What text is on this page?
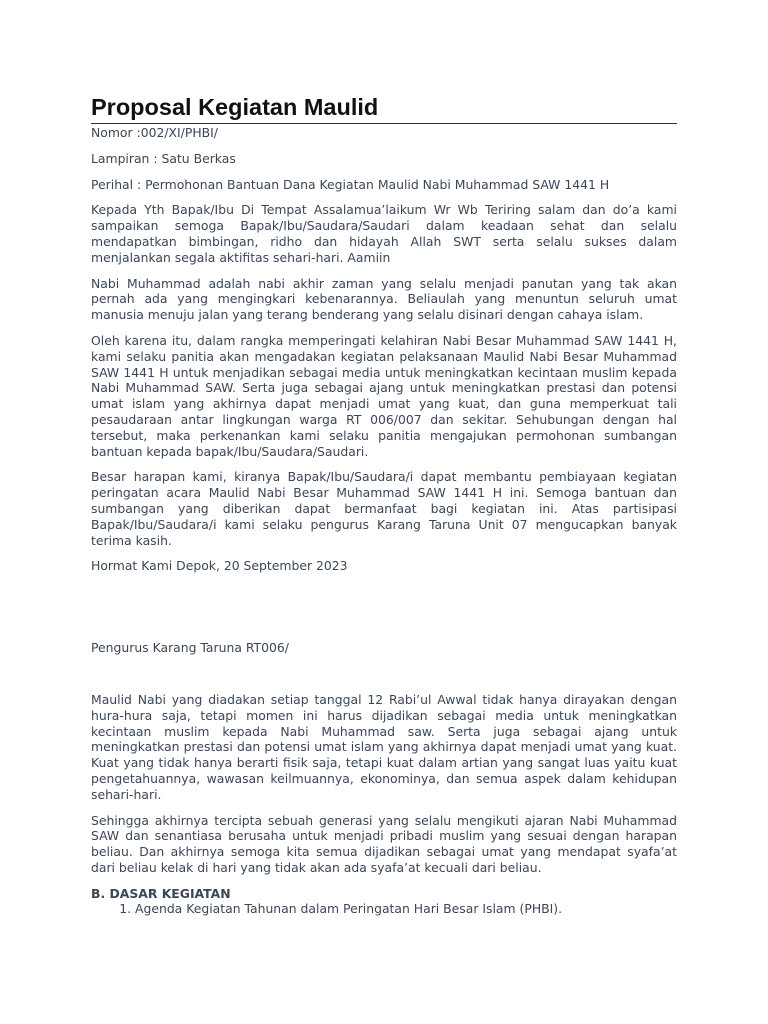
Proposal Kegiatan Maulid

Nomor :002/XI/PHBI/

Lampiran : Satu Berkas

Perihal : Permohonan Bantuan Dana Kegiatan Maulid Nabi Muhammad SAW 1441 H

Kepada Yth Bapak/Ibu Di Tempat Assalamua’laikum Wr Wb Teriring salam dan do’a kami sampaikan semoga Bapak/Ibu/Saudara/Saudari dalam keadaan sehat dan selalu mendapatkan bimbingan, ridho dan hidayah Allah SWT serta selalu sukses dalam menjalankan segala aktifitas sehari-hari. Aamiin

Nabi Muhammad adalah nabi akhir zaman yang selalu menjadi panutan yang tak akan pernah ada yang mengingkari kebenarannya. Beliaulah yang menuntun seluruh umat manusia menuju jalan yang terang benderang yang selalu disinari dengan cahaya islam.

Oleh karena itu, dalam rangka memperingati kelahiran Nabi Besar Muhammad SAW 1441 H, kami selaku panitia akan mengadakan kegiatan pelaksanaan Maulid Nabi Besar Muhammad SAW 1441 H untuk menjadikan sebagai media untuk meningkatkan kecintaan muslim kepada Nabi Muhammad SAW. Serta juga sebagai ajang untuk meningkatkan prestasi dan potensi umat islam yang akhirnya dapat menjadi umat yang kuat, dan guna memperkuat tali pesaudaraan antar lingkungan warga RT 006/007 dan sekitar. Sehubungan dengan hal tersebut, maka perkenankan kami selaku panitia mengajukan permohonan sumbangan bantuan kepada bapak/Ibu/Saudara/Saudari.

Besar harapan kami, kiranya Bapak/Ibu/Saudara/i dapat membantu pembiayaan kegiatan peringatan acara Maulid Nabi Besar Muhammad SAW 1441 H ini. Semoga bantuan dan sumbangan yang diberikan dapat bermanfaat bagi kegiatan ini. Atas partisipasi Bapak/Ibu/Saudara/i kami selaku pengurus Karang Taruna Unit 07 mengucapkan banyak terima kasih.

Hormat Kami Depok, 20 September 2023

Pengurus Karang Taruna RT006/

Maulid Nabi yang diadakan setiap tanggal 12 Rabi’ul Awwal tidak hanya dirayakan dengan hura-hura saja, tetapi momen ini harus dijadikan sebagai media untuk meningkatkan kecintaan muslim kepada Nabi Muhammad saw. Serta juga sebagai ajang untuk meningkatkan prestasi dan potensi umat islam yang akhirnya dapat menjadi umat yang kuat. Kuat yang tidak hanya berarti fisik saja, tetapi kuat dalam artian yang sangat luas yaitu kuat pengetahuannya, wawasan keilmuannya, ekonominya, dan semua aspek dalam kehidupan sehari-hari.

Sehingga akhirnya tercipta sebuah generasi yang selalu mengikuti ajaran Nabi Muhammad SAW dan senantiasa berusaha untuk menjadi pribadi muslim yang sesuai dengan harapan beliau. Dan akhirnya semoga kita semua dijadikan sebagai umat yang mendapat syafa’at dari beliau kelak di hari yang tidak akan ada syafa’at kecuali dari beliau.

B. DASAR KEGIATAN
1. Agenda Kegiatan Tahunan dalam Peringatan Hari Besar Islam (PHBI).
